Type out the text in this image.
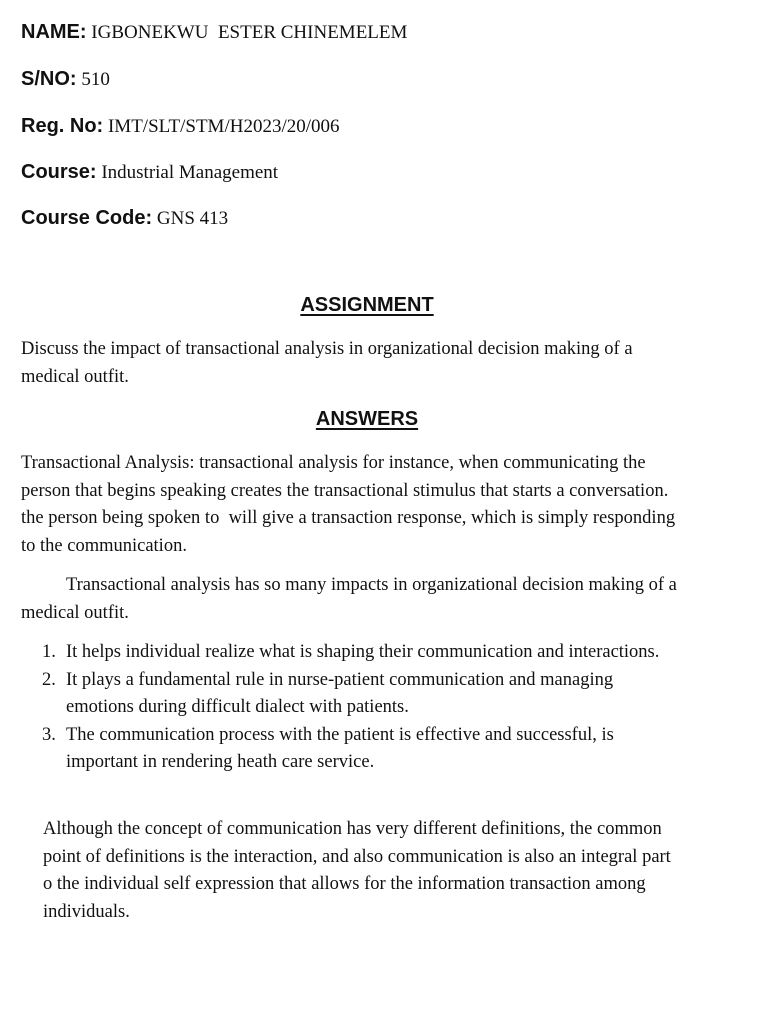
NAME: IGBONEKWU  ESTER CHINEMELEM
S/NO: 510
Reg. No: IMT/SLT/STM/H2023/20/006
Course: Industrial Management
Course Code: GNS 413
ASSIGNMENT

Discuss the impact of transactional analysis in organizational decision making of a medical outfit.

ANSWERS

Transactional Analysis: transactional analysis for instance, when communicating the person that begins speaking creates the transactional stimulus that starts a conversation. the person being spoken to  will give a transaction response, which is simply responding to the communication.

Transactional analysis has so many impacts in organizational decision making of a medical outfit.

1. It helps individual realize what is shaping their communication and interactions.
2. It plays a fundamental rule in nurse-patient communication and managing emotions during difficult dialect with patients.
3. The communication process with the patient is effective and successful, is important in rendering heath care service.

Although the concept of communication has very different definitions, the common point of definitions is the interaction, and also communication is also an integral part o the individual self expression that allows for the information transaction among individuals.
